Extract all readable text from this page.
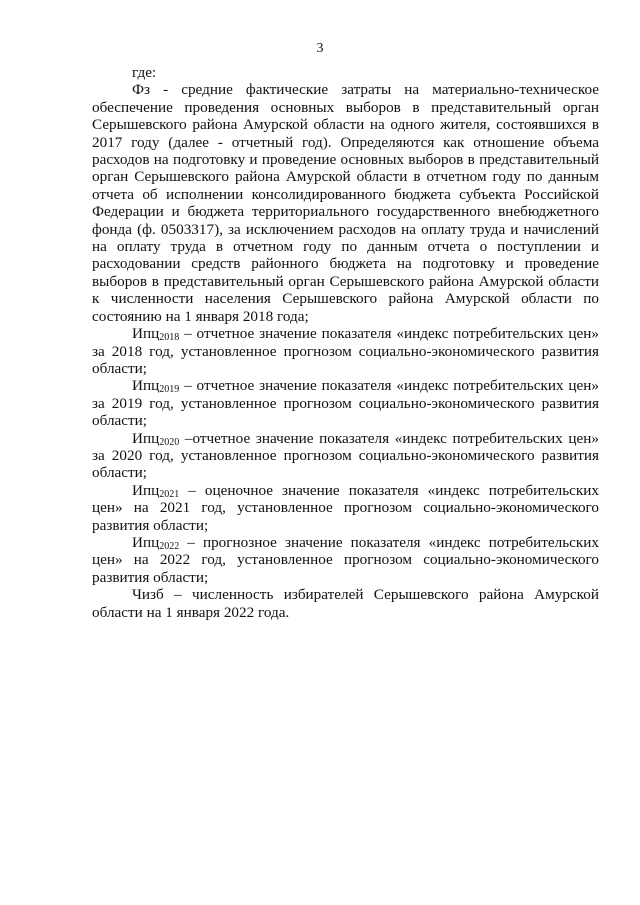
3

где:

Фз - средние фактические затраты на материально-техническое обеспечение проведения основных выборов в представительный орган Серышевского района Амурской области на одного жителя, состоявшихся в 2017 году (далее - отчетный год). Определяются как отношение объема расходов на подготовку и проведение основных выборов в представительный орган Серышевского района Амурской области в отчетном году по данным отчета об исполнении консолидированного бюджета субъекта Российской Федерации и бюджета территориального государственного внебюджетного фонда (ф. 0503317), за исключением расходов на оплату труда и начислений на оплату труда в отчетном году по данным отчета о поступлении и расходовании средств районного бюджета на подготовку и проведение выборов в представительный орган Серышевского района Амурской области к численности населения Серышевского района Амурской области по состоянию на 1 января 2018 года;

Ипц$_{2018}$ – отчетное значение показателя «индекс потребительских цен» за 2018 год, установленное прогнозом социально-экономического развития области;

Ипц$_{2019}$ – отчетное значение показателя «индекс потребительских цен» за 2019 год, установленное прогнозом социально-экономического развития области;

Ипц$_{2020}$ –отчетное значение показателя «индекс потребительских цен» за 2020 год, установленное прогнозом социально-экономического развития области;

Ипц$_{2021}$ – оценочное значение показателя «индекс потребительских цен» на 2021 год, установленное прогнозом социально-экономического развития области;

Ипц$_{2022}$ – прогнозное значение показателя «индекс потребительских цен» на 2022 год, установленное прогнозом социально-экономического развития области;

Чизб – численность избирателей Серышевского района Амурской области на 1 января 2022 года.
